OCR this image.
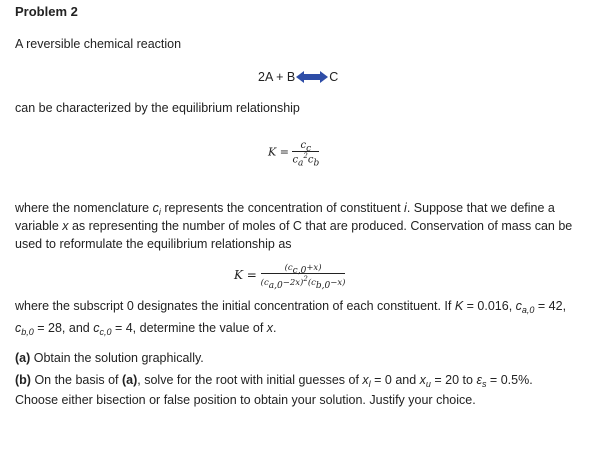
Problem 2
A reversible chemical reaction
2A + B	C
can be characterized by the equilibrium relationship
$K = \frac{c_c}{c_a^2c_b}$
where the nomenclature $c_i$ represents the concentration of constituent i. Suppose that we define a variable x as representing the number of moles of C that are produced. Conservation of mass can be used to reformulate the equilibrium relationship as
$K = \frac{(c_{c,0}+x)}{(c_{a,0}-2x)^2(c_{b,0}-x)}$
where the subscript 0 designates the initial concentration of each constituent. If K = 0.016, $c_{a,0} = 42$,
$c_{b,0} = 28$, and $c_{c,0} = 4$, determine the value of x.
(a) Obtain the solution graphically.
(b) On the basis of (a), solve for the root with initial guesses of $x_l = 0$ and $x_u = 20$ to $\varepsilon_s = 0.5\%$.
Choose either bisection or false position to obtain your solution. Justify your choice.
